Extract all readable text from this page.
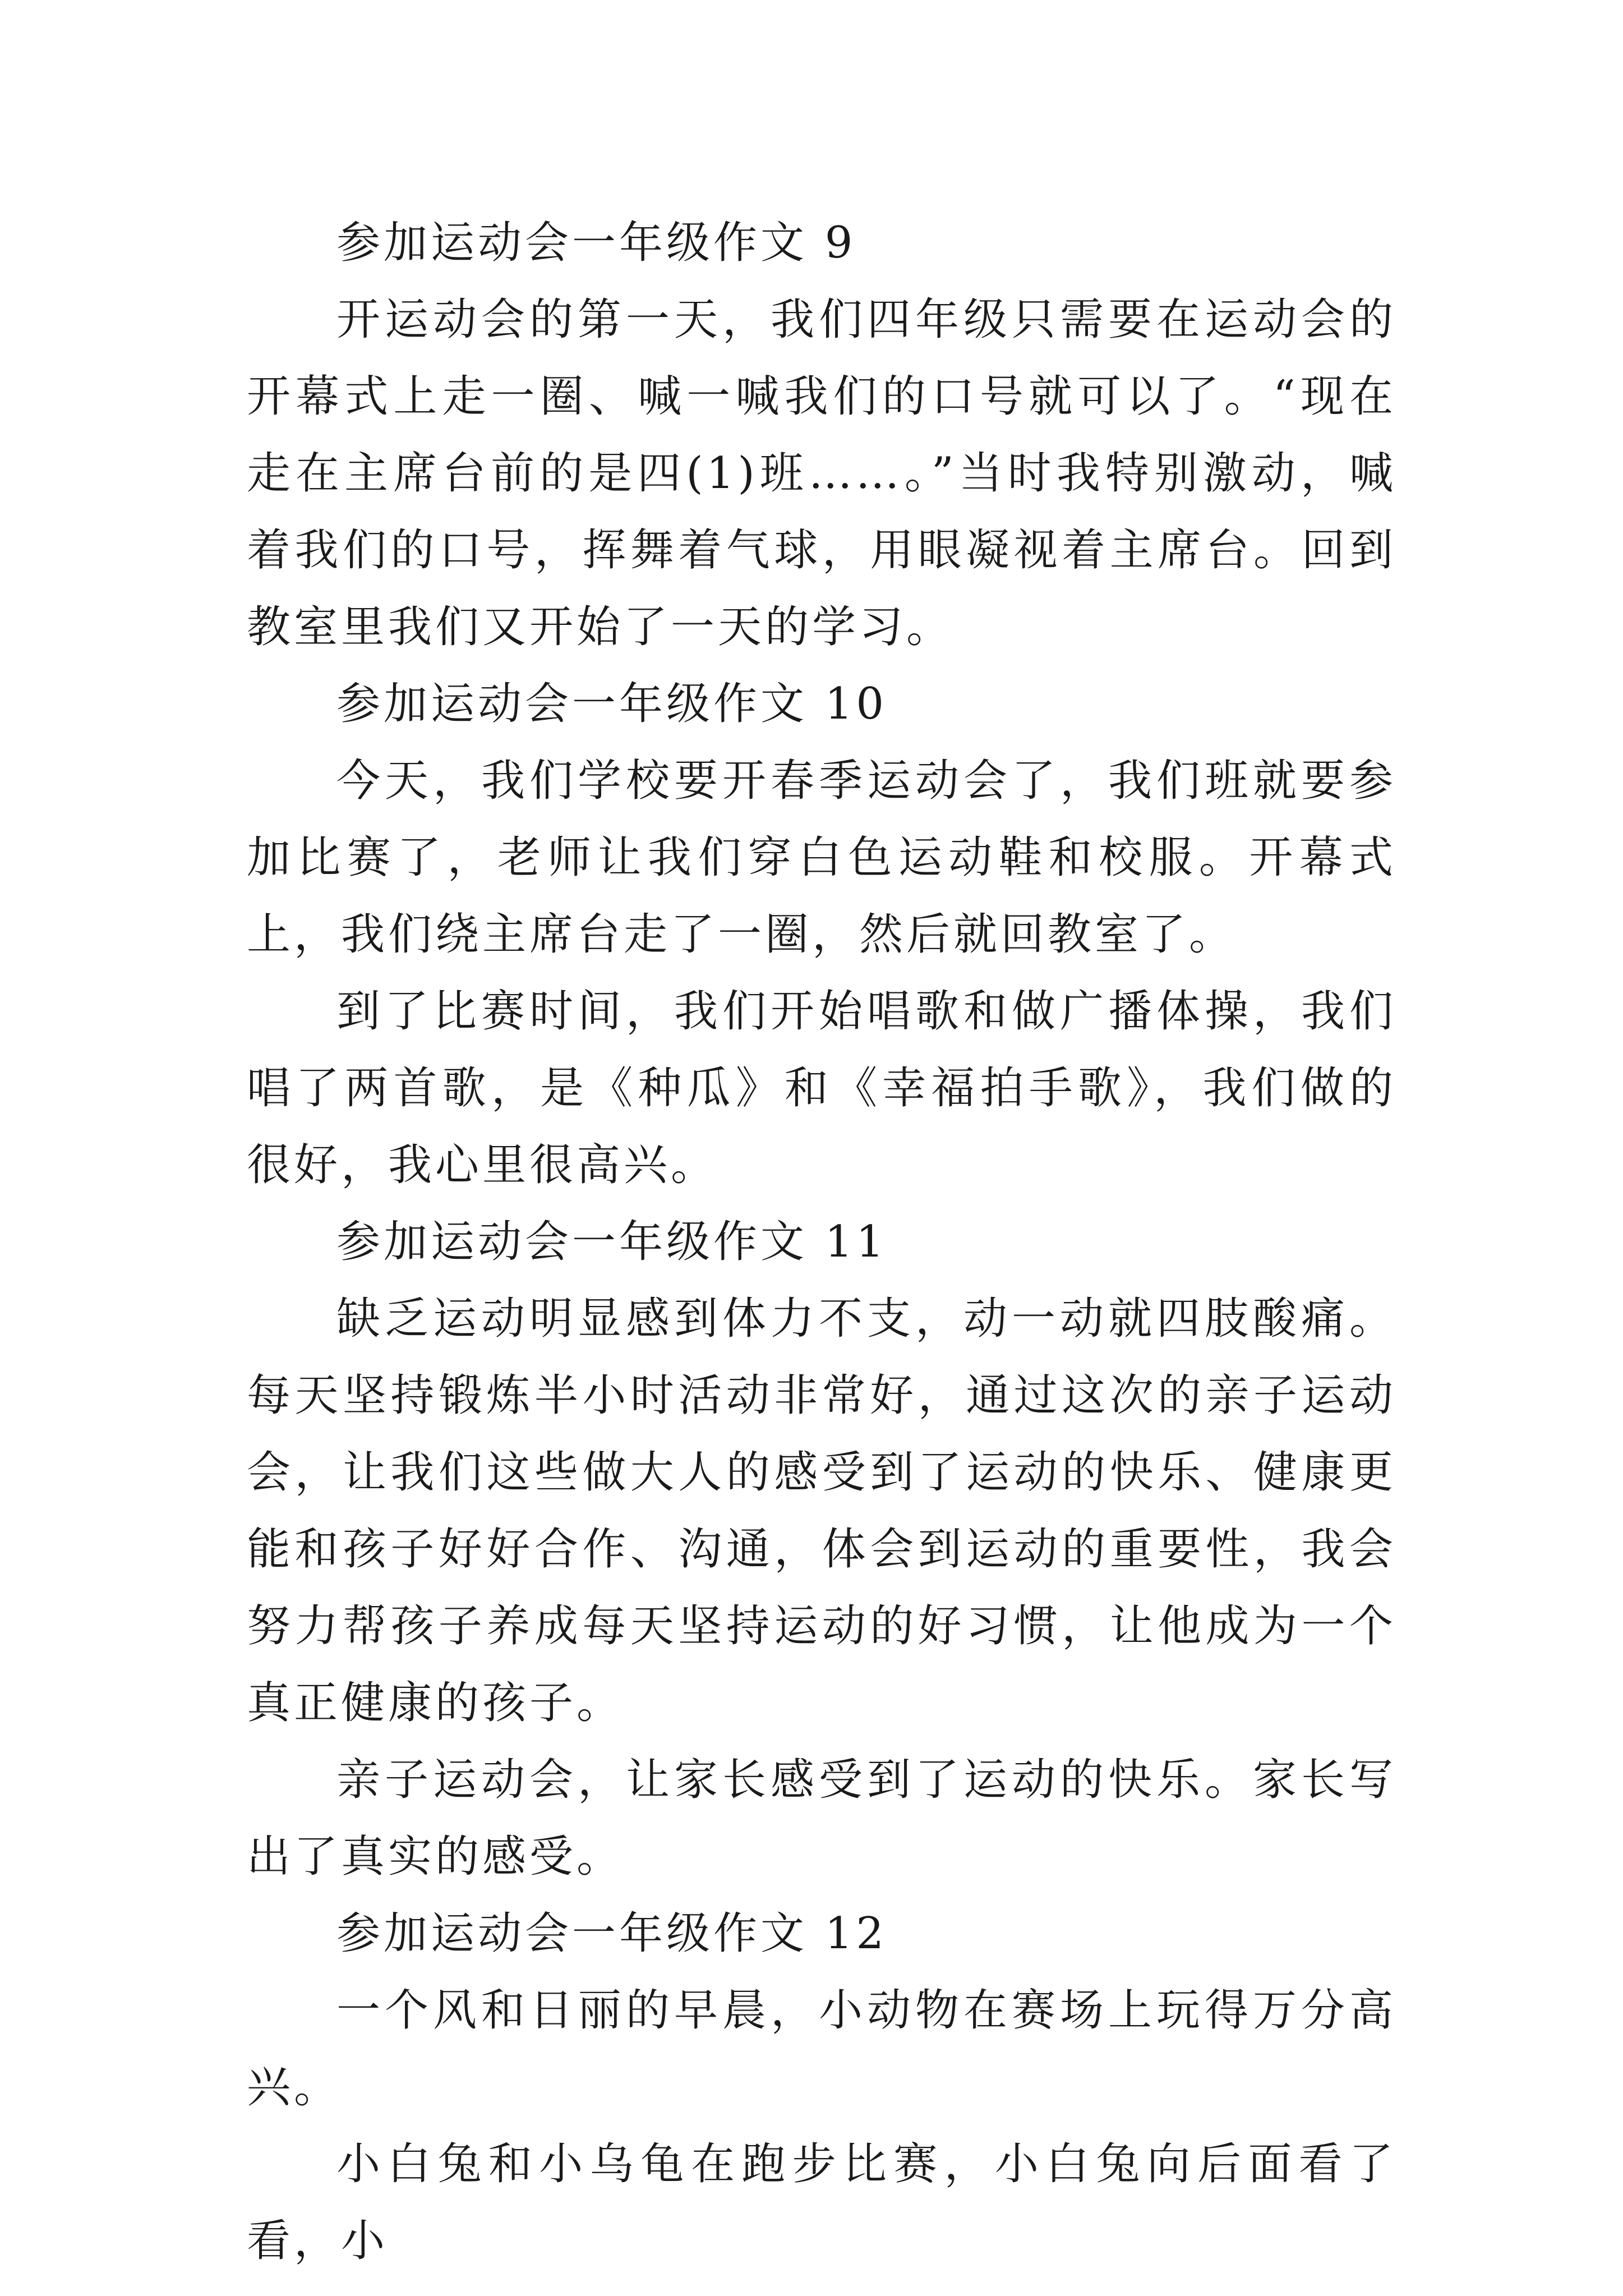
参加运动会一年级作文 9

开运动会的第一天，我们四年级只需要在运动会的开幕式上走一圈、喊一喊我们的口号就可以了。“现在走在主席台前的是四(1)班……。”当时我特别激动，喊着我们的口号，挥舞着气球，用眼凝视着主席台。回到教室里我们又开始了一天的学习。

参加运动会一年级作文 10

今天，我们学校要开春季运动会了，我们班就要参加比赛了，老师让我们穿白色运动鞋和校服。开幕式上，我们绕主席台走了一圈，然后就回教室了。

到了比赛时间，我们开始唱歌和做广播体操，我们唱了两首歌，是《种瓜》和《幸福拍手歌》，我们做的很好，我心里很高兴。

参加运动会一年级作文 11

缺乏运动明显感到体力不支，动一动就四肢酸痛。每天坚持锻炼半小时活动非常好，通过这次的亲子运动会，让我们这些做大人的感受到了运动的快乐、健康更能和孩子好好合作、沟通，体会到运动的重要性，我会努力帮孩子养成每天坚持运动的好习惯，让他成为一个真正健康的孩子。

亲子运动会，让家长感受到了运动的快乐。家长写出了真实的感受。

参加运动会一年级作文 12

一个风和日丽的早晨，小动物在赛场上玩得万分高兴。

小白兔和小乌龟在跑步比赛，小白兔向后面看了看，小
